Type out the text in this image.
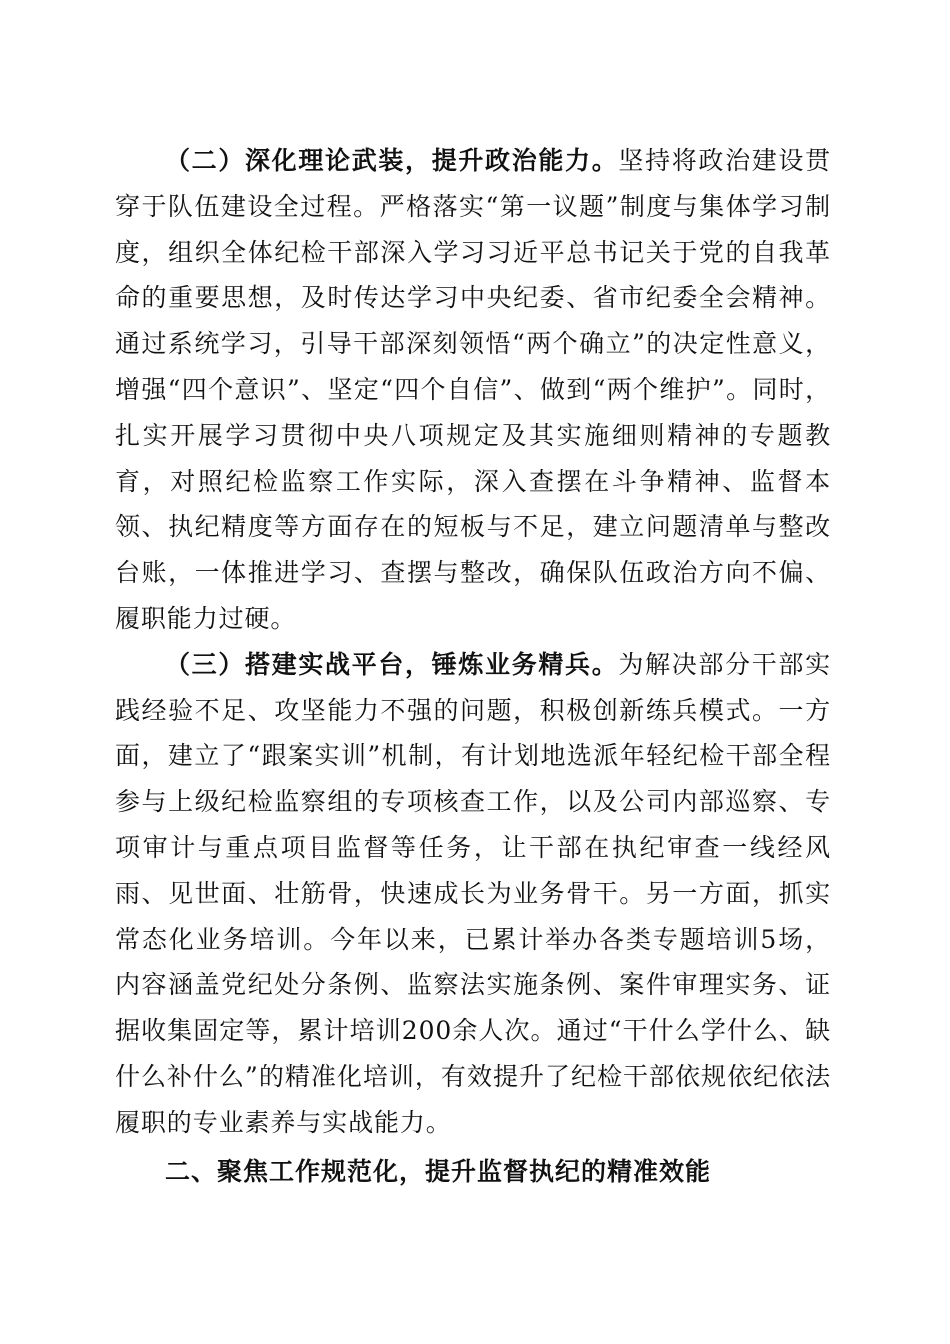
（二）深化理论武装，提升政治能力。坚持将政治建设贯穿于队伍建设全过程。严格落实“第一议题”制度与集体学习制度，组织全体纪检干部深入学习习近平总书记关于党的自我革命的重要思想，及时传达学习中央纪委、省市纪委全会精神。通过系统学习，引导干部深刻领悟“两个确立”的决定性意义，增强“四个意识”、坚定“四个自信”、做到“两个维护”。同时，扎实开展学习贯彻中央八项规定及其实施细则精神的专题教育，对照纪检监察工作实际，深入查摆在斗争精神、监督本领、执纪精度等方面存在的短板与不足，建立问题清单与整改台账，一体推进学习、查摆与整改，确保队伍政治方向不偏、履职能力过硬。

（三）搭建实战平台，锤炼业务精兵。为解决部分干部实践经验不足、攻坚能力不强的问题，积极创新练兵模式。一方面，建立了“跟案实训”机制，有计划地选派年轻纪检干部全程参与上级纪检监察组的专项核查工作，以及公司内部巡察、专项审计与重点项目监督等任务，让干部在执纪审查一线经风雨、见世面、壮筋骨，快速成长为业务骨干。另一方面，抓实常态化业务培训。今年以来，已累计举办各类专题培训5场，内容涵盖党纪处分条例、监察法实施条例、案件审理实务、证据收集固定等，累计培训200余人次。通过“干什么学什么、缺什么补什么”的精准化培训，有效提升了纪检干部依规依纪依法履职的专业素养与实战能力。

二、聚焦工作规范化，提升监督执纪的精准效能
